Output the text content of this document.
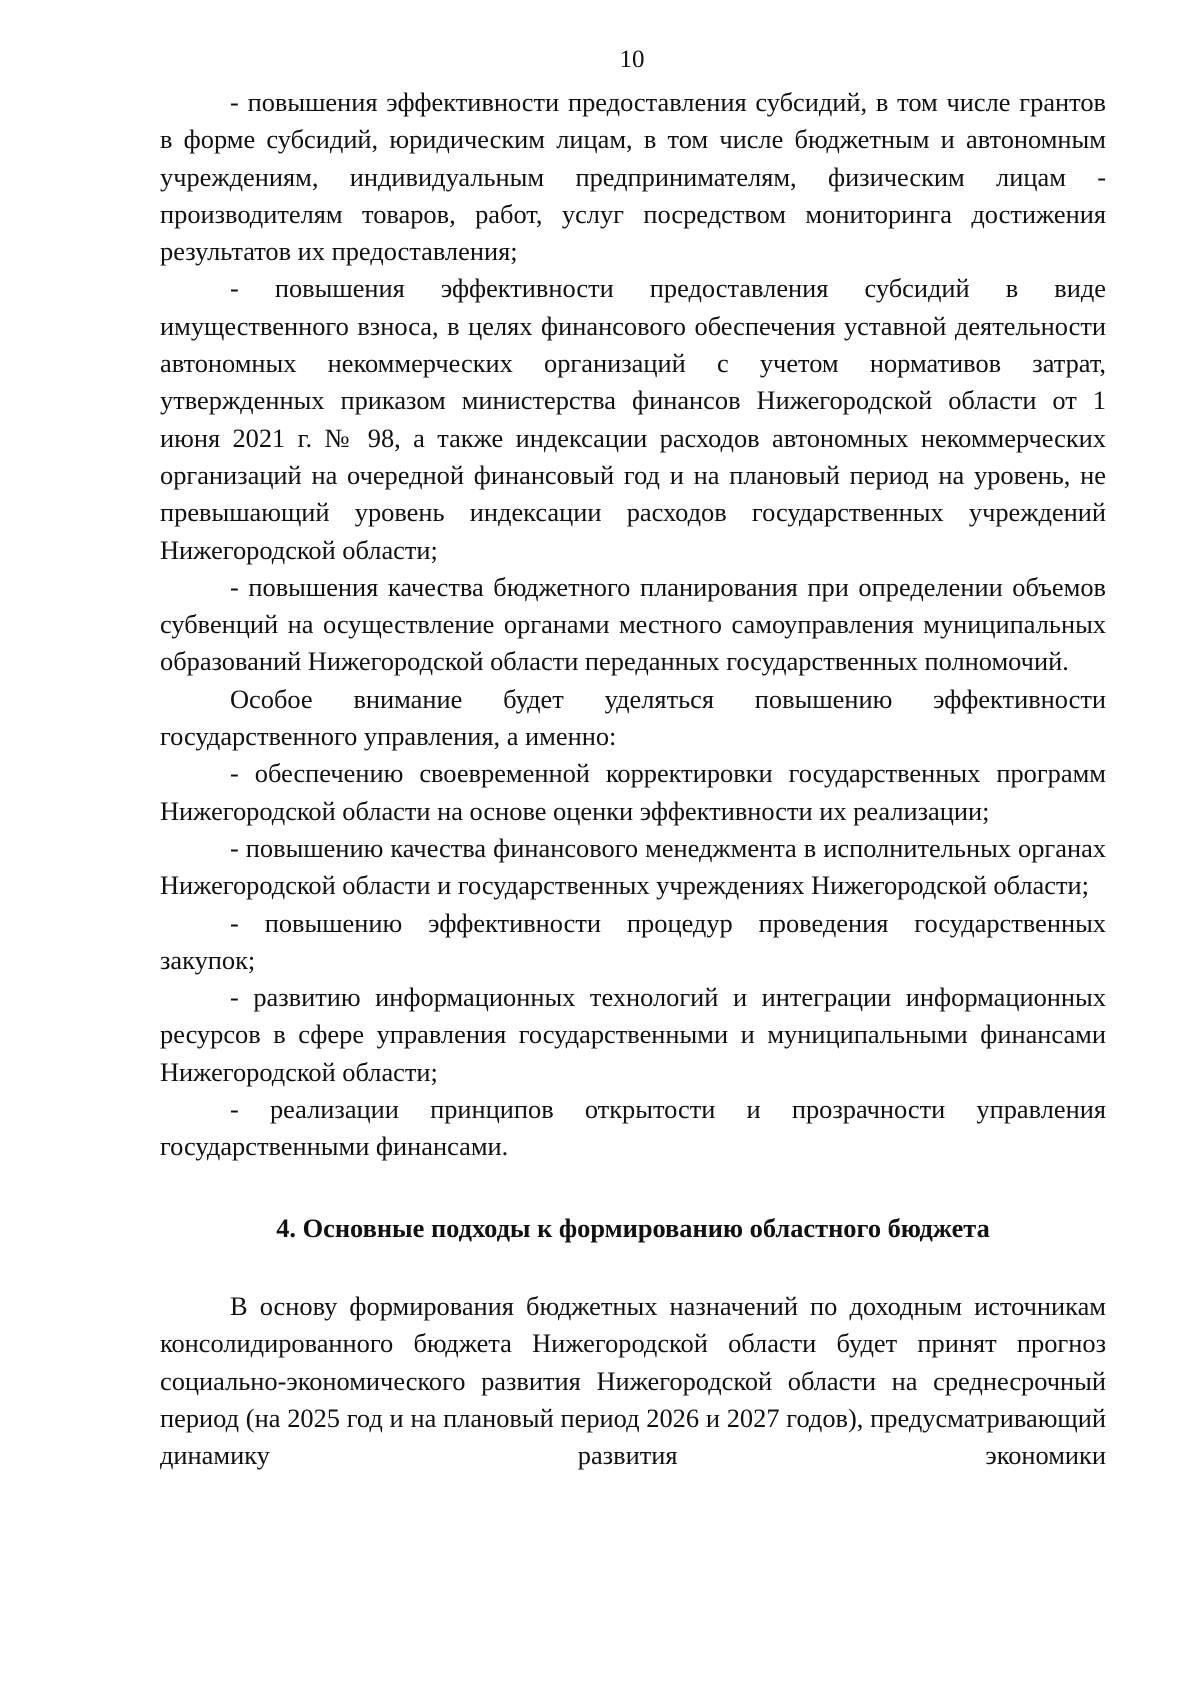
10

- повышения эффективности предоставления субсидий, в том числе грантов в форме субсидий, юридическим лицам, в том числе бюджетным и автономным учреждениям, индивидуальным предпринимателям, физическим лицам - производителям товаров, работ, услуг посредством мониторинга достижения результатов их предоставления;

- повышения эффективности предоставления субсидий в виде имущественного взноса, в целях финансового обеспечения уставной деятельности автономных некоммерческих организаций с учетом нормативов затрат, утвержденных приказом министерства финансов Нижегородской области от 1 июня 2021 г. № 98, а также индексации расходов автономных некоммерческих организаций на очередной финансовый год и на плановый период на уровень, не превышающий уровень индексации расходов государственных учреждений Нижегородской области;

- повышения качества бюджетного планирования при определении объемов субвенций на осуществление органами местного самоуправления муниципальных образований Нижегородской области переданных государственных полномочий.

Особое внимание будет уделяться повышению эффективности государственного управления, а именно:

- обеспечению своевременной корректировки государственных программ Нижегородской области на основе оценки эффективности их реализации;

- повышению качества финансового менеджмента в исполнительных органах Нижегородской области и государственных учреждениях Нижегородской области;

- повышению эффективности процедур проведения государственных закупок;

- развитию информационных технологий и интеграции информационных ресурсов в сфере управления государственными и муниципальными финансами Нижегородской области;

- реализации принципов открытости и прозрачности управления государственными финансами.

4. Основные подходы к формированию областного бюджета

В основу формирования бюджетных назначений по доходным источникам консолидированного бюджета Нижегородской области будет принят прогноз социально-экономического развития Нижегородской области на среднесрочный период (на 2025 год и на плановый период 2026 и 2027 годов), предусматривающий динамику развития экономики
